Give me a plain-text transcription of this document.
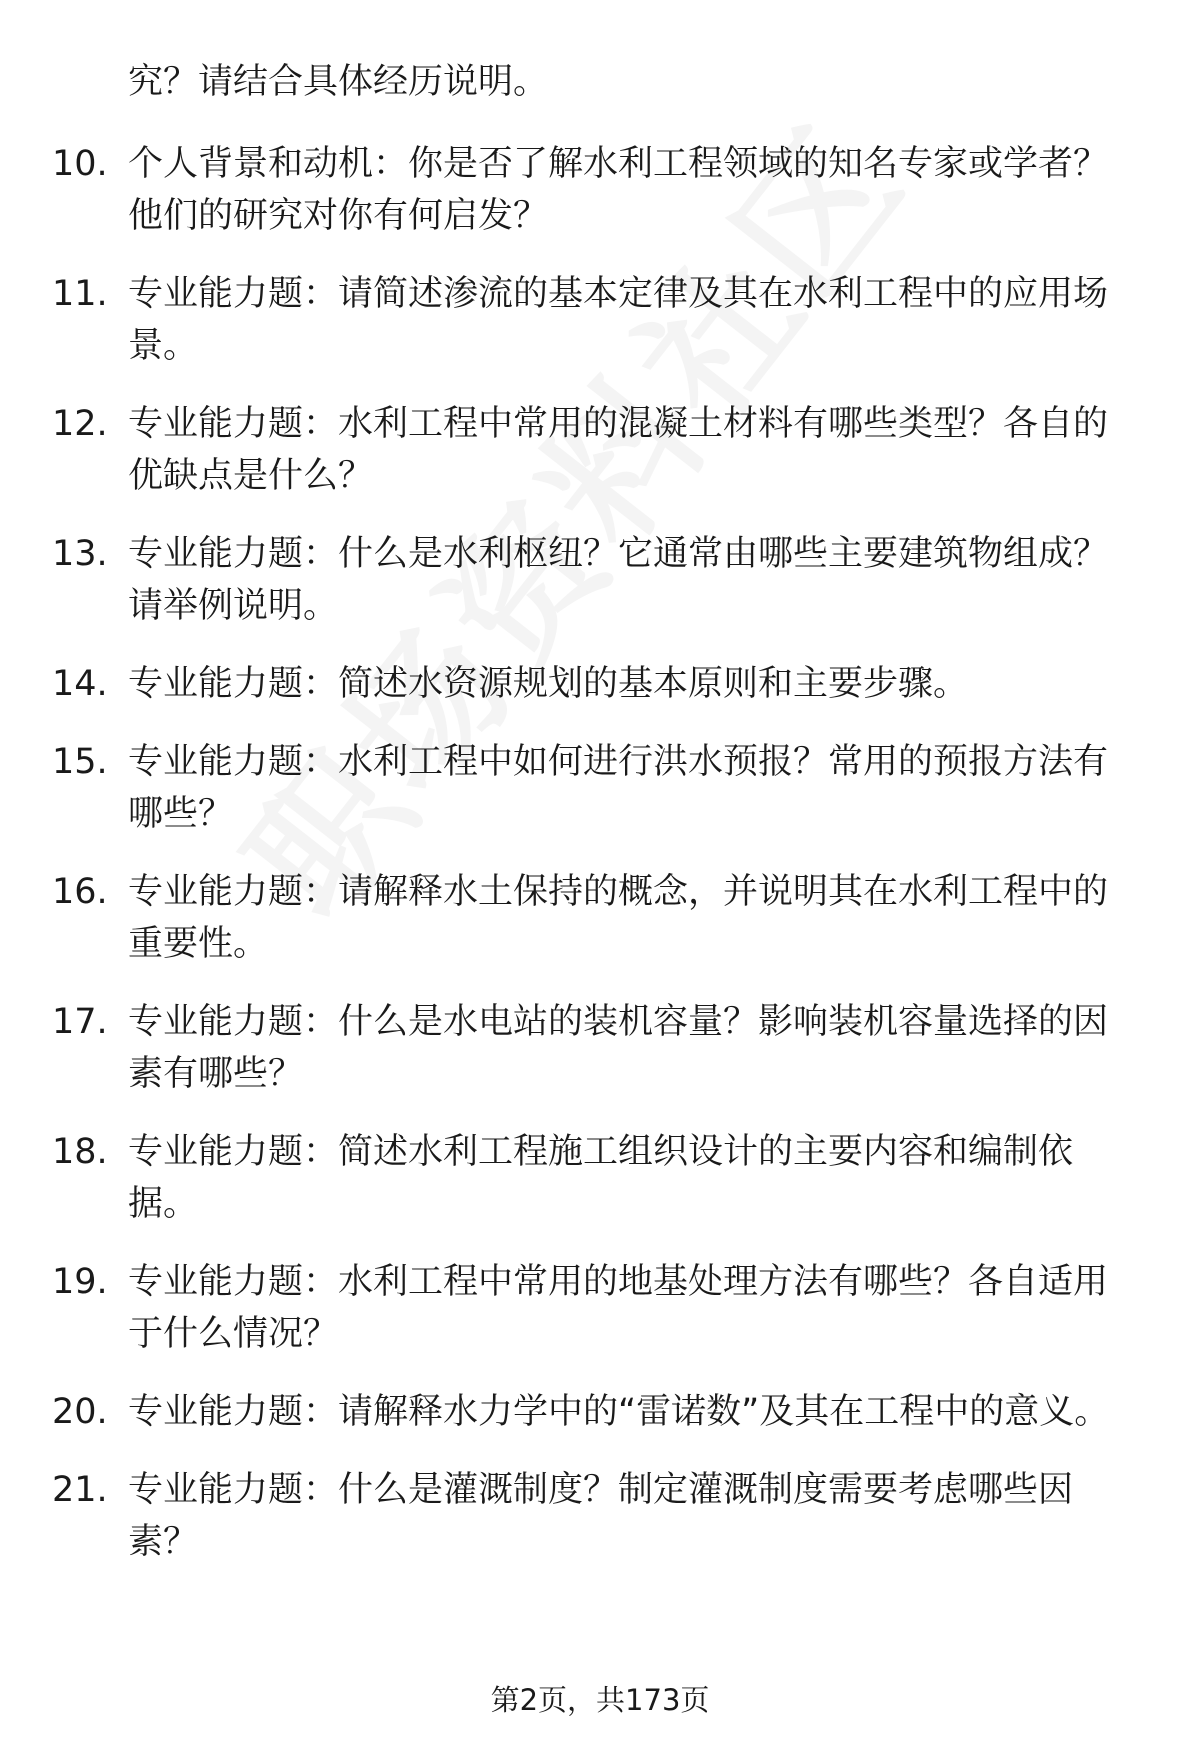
究？请结合具体经历说明。
10. 个人背景和动机：你是否了解水利工程领域的知名专家或学者？他们的研究对你有何启发？
11. 专业能力题：请简述渗流的基本定律及其在水利工程中的应用场景。
12. 专业能力题：水利工程中常用的混凝土材料有哪些类型？各自的优缺点是什么？
13. 专业能力题：什么是水利枢纽？它通常由哪些主要建筑物组成？请举例说明。
14. 专业能力题：简述水资源规划的基本原则和主要步骤。
15. 专业能力题：水利工程中如何进行洪水预报？常用的预报方法有哪些？
16. 专业能力题：请解释水土保持的概念，并说明其在水利工程中的重要性。
17. 专业能力题：什么是水电站的装机容量？影响装机容量选择的因素有哪些？
18. 专业能力题：简述水利工程施工组织设计的主要内容和编制依据。
19. 专业能力题：水利工程中常用的地基处理方法有哪些？各自适用于什么情况？
20. 专业能力题：请解释水力学中的“雷诺数”及其在工程中的意义。
21. 专业能力题：什么是灌溉制度？制定灌溉制度需要考虑哪些因素？
第2页，共173页
